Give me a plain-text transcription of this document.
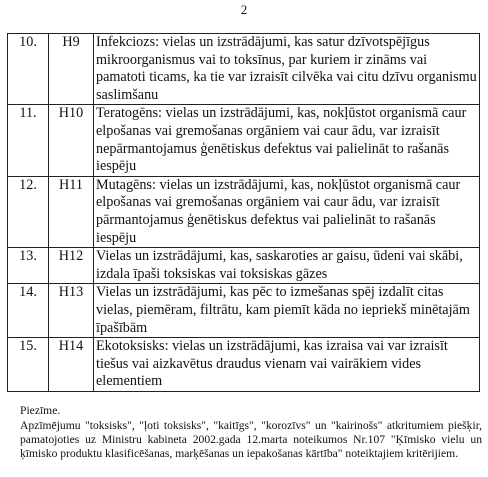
2
10.	H9	Infekciozs: vielas un izstrādājumi, kas satur dzīvotspējīgus mikroorganismus vai to toksīnus, par kuriem ir zināms vai pamatoti ticams, ka tie var izraisīt cilvēka vai citu dzīvu organismu saslimšanu
11.	H10	Teratogēns: vielas un izstrādājumi, kas, nokļūstot organismā caur elpošanas vai gremošanas orgāniem vai caur ādu, var izraisīt nepārmantojamus ģenētiskus defektus vai palielināt to rašanās iespēju
12.	H11	Mutagēns: vielas un izstrādājumi, kas, nokļūstot organismā caur elpošanas vai gremošanas orgāniem vai caur ādu, var izraisīt pārmantojamus ģenētiskus defektus vai palielināt to rašanās iespēju
13.	H12	Vielas un izstrādājumi, kas, saskaroties ar gaisu, ūdeni vai skābi, izdala īpaši toksiskas vai toksiskas gāzes
14.	H13	Vielas un izstrādājumi, kas pēc to izmešanas spēj izdalīt citas vielas, piemēram, filtrātu, kam piemīt kāda no iepriekš minētajām īpašībām
15.	H14	Ekotoksisks: vielas un izstrādājumi, kas izraisa vai var izraisīt tiešus vai aizkavētus draudus vienam vai vairākiem vides elementiem
Piezīme.
Apzīmējumu "toksisks", "ļoti toksisks", "kaitīgs", "korozīvs" un "kairinošs" atkritumiem piešķir, pamatojoties uz Ministru kabineta 2002.gada 12.marta noteikumos Nr.107 "Ķīmisko vielu un ķīmisko produktu klasificēšanas, marķēšanas un iepakošanas kārtība" noteiktajiem kritērijiem.
